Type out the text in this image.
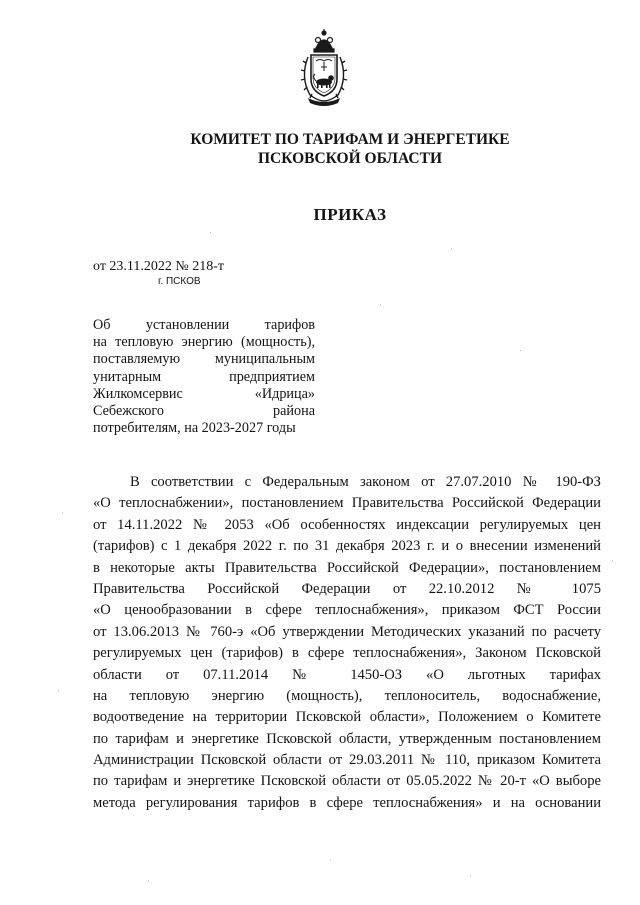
КОМИТЕТ ПО ТАРИФАМ И ЭНЕРГЕТИКЕ
ПСКОВСКОЙ ОБЛАСТИ
ПРИКАЗ
от 23.11.2022 № 218-т
г. ПСКОВ
Об установлении тарифов
на тепловую энергию (мощность),
поставляемую муниципальным
унитарным предприятием
Жилкомсервис «Идрица»
Себежского района
потребителям, на 2023-2027 годы
В соответствии с Федеральным законом от 27.07.2010 № 190-ФЗ
«О теплоснабжении», постановлением Правительства Российской Федерации
от 14.11.2022 № 2053 «Об особенностях индексации регулируемых цен
(тарифов) с 1 декабря 2022 г. по 31 декабря 2023 г. и о внесении изменений
в некоторые акты Правительства Российской Федерации», постановлением
Правительства Российской Федерации от 22.10.2012 № 1075
«О ценообразовании в сфере теплоснабжения», приказом ФСТ России
от 13.06.2013 № 760-э «Об утверждении Методических указаний по расчету
регулируемых цен (тарифов) в сфере теплоснабжения», Законом Псковской
области от 07.11.2014 № 1450-ОЗ «О льготных тарифах
на тепловую энергию (мощность), теплоноситель, водоснабжение,
водоотведение на территории Псковской области», Положением о Комитете
по тарифам и энергетике Псковской области, утвержденным постановлением
Администрации Псковской области от 29.03.2011 № 110, приказом Комитета
по тарифам и энергетике Псковской области от 05.05.2022 № 20-т «О выборе
метода регулирования тарифов в сфере теплоснабжения» и на основании
